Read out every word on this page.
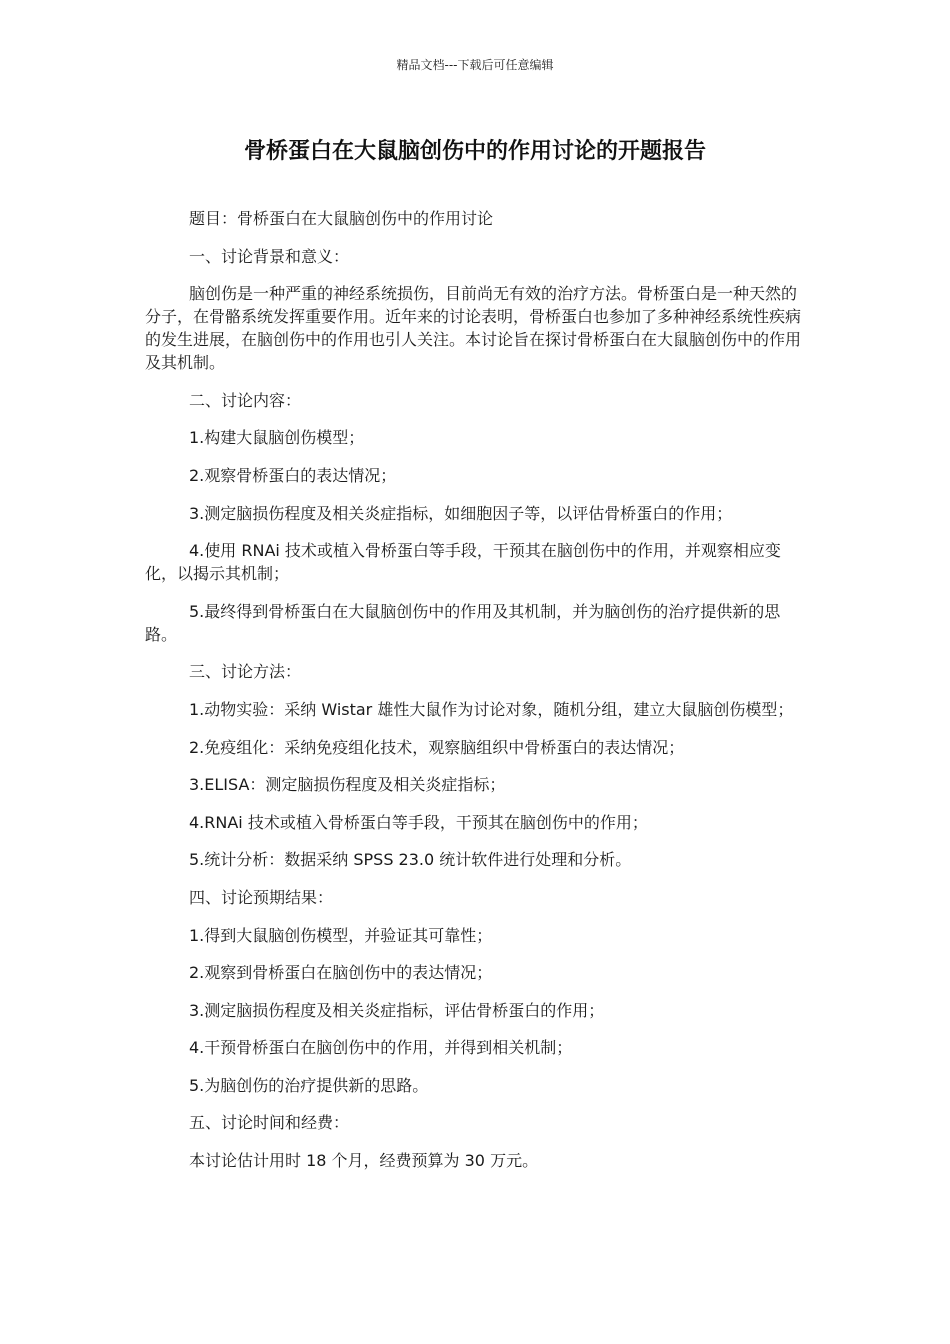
精品文档---下载后可任意编辑
骨桥蛋白在大鼠脑创伤中的作用讨论的开题报告

题目：骨桥蛋白在大鼠脑创伤中的作用讨论

一、讨论背景和意义：

脑创伤是一种严重的神经系统损伤，目前尚无有效的治疗方法。骨桥蛋白是一种天然的分子，在骨骼系统发挥重要作用。近年来的讨论表明，骨桥蛋白也参加了多种神经系统性疾病的发生进展，在脑创伤中的作用也引人关注。本讨论旨在探讨骨桥蛋白在大鼠脑创伤中的作用及其机制。

二、讨论内容：

1.构建大鼠脑创伤模型；

2.观察骨桥蛋白的表达情况；

3.测定脑损伤程度及相关炎症指标，如细胞因子等，以评估骨桥蛋白的作用；

4.使用 RNAi 技术或植入骨桥蛋白等手段，干预其在脑创伤中的作用，并观察相应变化，以揭示其机制；

5.最终得到骨桥蛋白在大鼠脑创伤中的作用及其机制，并为脑创伤的治疗提供新的思路。

三、讨论方法：

1.动物实验：采纳 Wistar 雄性大鼠作为讨论对象，随机分组，建立大鼠脑创伤模型；

2.免疫组化：采纳免疫组化技术，观察脑组织中骨桥蛋白的表达情况；

3.ELISA：测定脑损伤程度及相关炎症指标；

4.RNAi 技术或植入骨桥蛋白等手段，干预其在脑创伤中的作用；

5.统计分析：数据采纳 SPSS 23.0 统计软件进行处理和分析。

四、讨论预期结果：

1.得到大鼠脑创伤模型，并验证其可靠性；

2.观察到骨桥蛋白在脑创伤中的表达情况；

3.测定脑损伤程度及相关炎症指标，评估骨桥蛋白的作用；

4.干预骨桥蛋白在脑创伤中的作用，并得到相关机制；

5.为脑创伤的治疗提供新的思路。

五、讨论时间和经费：

本讨论估计用时 18 个月，经费预算为 30 万元。
